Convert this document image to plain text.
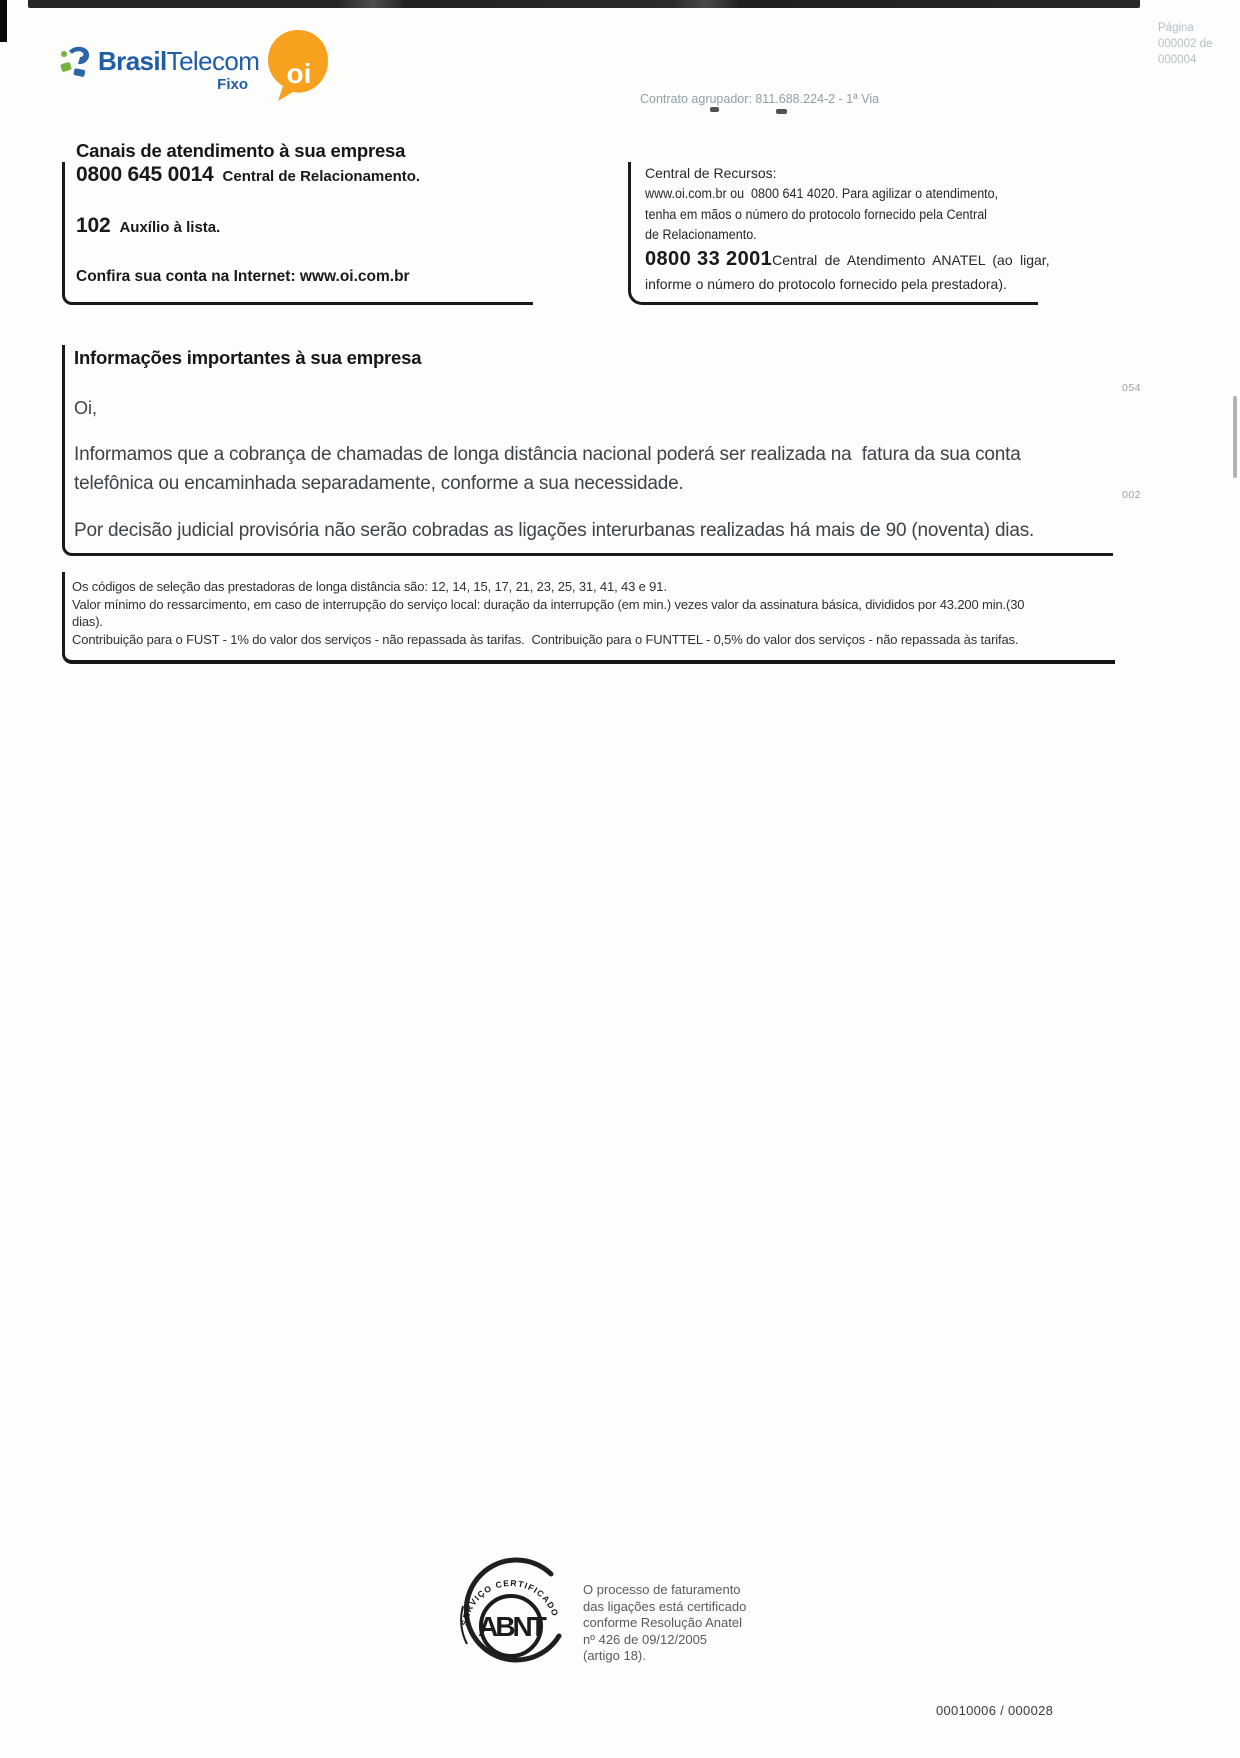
BrasilTelecom
Fixo oi
Página
000002 de
000004
Contrato agrupador: 811.688.224-2 - 1ª Via
Canais de atendimento à sua empresa
0800 645 0014 Central de Relacionamento.
102 Auxílio à lista.
Confira sua conta na Internet: www.oi.com.br
Central de Recursos:
www.oi.com.br ou  0800 641 4020. Para agilizar o atendimento,
tenha em mãos o número do protocolo fornecido pela Central
de Relacionamento.
0800 33 2001 Central de Atendimento ANATEL (ao ligar,
informe o número do protocolo fornecido pela prestadora).
Informações importantes à sua empresa
Oi,
054
Informamos que a cobrança de chamadas de longa distância nacional poderá ser realizada na  fatura da sua conta
telefônica ou encaminhada separadamente, conforme a sua necessidade.
002
Por decisão judicial provisória não serão cobradas as ligações interurbanas realizadas há mais de 90 (noventa) dias.
Os códigos de seleção das prestadoras de longa distância são: 12, 14, 15, 17, 21, 23, 25, 31, 41, 43 e 91.
Valor mínimo do ressarcimento, em caso de interrupção do serviço local: duração da interrupção (em min.) vezes valor da assinatura básica, divididos por 43.200 min.(30
dias).
Contribuição para o FUST - 1% do valor dos serviços - não repassada às tarifas.  Contribuição para o FUNTTEL - 0,5% do valor dos serviços - não repassada às tarifas.
SERVIÇO CERTIFICADO
ABNT
O processo de faturamento
das ligações está certificado
conforme Resolução Anatel
nº 426 de 09/12/2005
(artigo 18).
00010006 / 000028
